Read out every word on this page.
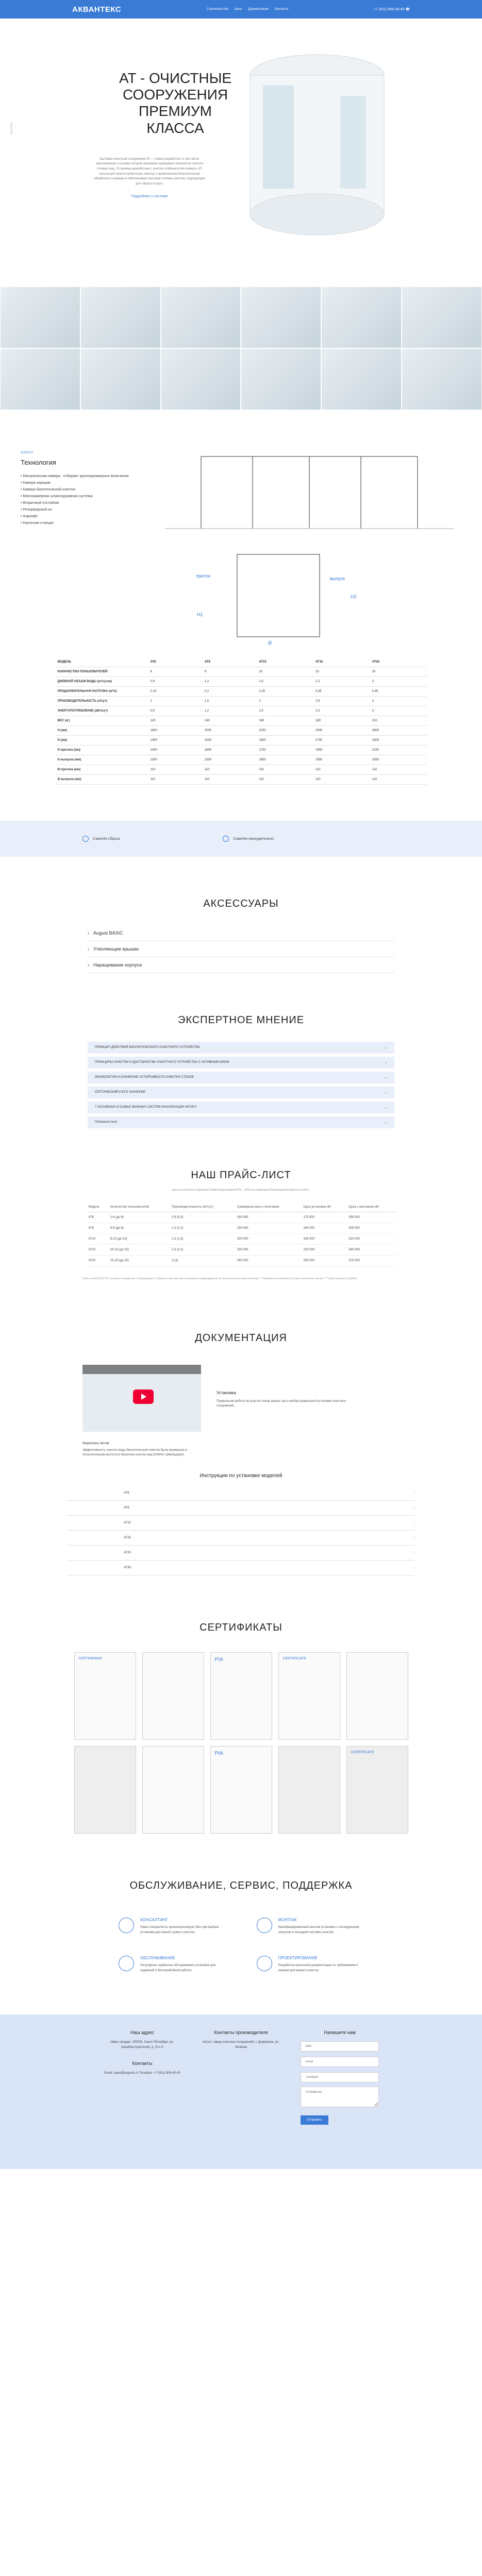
АКВАНТЕКС	Строительство Цена Документация Контакты	+7 (911) 806-40-40 ☎
AUGUST
AT - ОЧИСТНЫЕ СООРУЖЕНИЯ ПРЕМИУМ КЛАССА

Бытовые очистные сооружения AT — новая разработка, в том числе оригинальная, в основе которой заложены передовые технологии очистки сточных вод. Установка разработана с учетом особенностей климата. AT использует многоступенчатую очистку с применением биологической обработки и аэрации и обеспечивает высокую степень очистки, подходящую для сброса в грунт.

Подробнее о системе

AUGUST
Технология
• Механическая камера - отбирает крупноразмерные включения
• Камера аэрации
• Камера биологической очистки
• Многокамерная шлангорукавная система
• Вторичный отстойник
• Резервуарный ил
• Аэрлифт
• Насосная станция
Ø
приток	выпуск
Н1
Н2
МОДЕЛЬ	AT6	AT8	AT10	AT15	AT20
КОЛИЧЕСТВО ПОЛЬЗОВАТЕЛЕЙ	6	8	10	15	20
ДНЕВНОЙ ОБЪЕМ ВОДЫ (м³/сутки)	0,9	1,2	1,5	2,2	3
ПРОДОЛЖИТЕЛЬНАЯ НАГРУЗКА (м³/ч)	0,15	0,2	0,25	0,35	0,45
ПРОИЗВОДИТЕЛЬНОСТЬ (л/сут)	1	1,5	2	2,5	3
ЭНЕРГОПОТРЕБЛЕНИЕ (кВт/сут)	0,9	1,2	1,5	2,2	3
ВЕС (кг)	120	140	160	180	210
H (мм)	1800	2000	2200	2400	2600
D (мм)	1400	1500	1600	1700	1800
H притока (мм)	1400	1600	1750	1950	2150
H выпуска (мм)	1300	1500	1650	1850	2050
Ø притока (мм)	110	110	110	110	110
Ø выпуска (мм)	110	110	110	110	110
Самотёк сброса	Самотёк принудительно
АКСЕССУАРЫ
› August BASIC
› Утепляющие крышки
› Наращивание корпуса
ЭКСПЕРТНОЕ МНЕНИЕ
ПРИНЦИП ДЕЙСТВИЯ БИОЛОГИЧЕСКОГО ОЧИСТНОГО УСТРОЙСТВА	⌄
ПРИНЦИПЫ ОЧИСТКИ И ДОСТОИНСТВА ОЧИСТНОГО УСТРОЙСТВА С АКТИВНЫМ ИЛОМ	⌄
ФИЗИОЛОГИЯ И СНИЖЕНИЕ УСТОЙЧИВОСТИ ОЧИСТКИ СТОКОВ	⌄
СЕПТИЧЕСКИЙ И ЕГО ЗНАЧЕНИЕ	⌄
7 ОСНОВНЫХ И САМЫХ ВАЖНЫХ СИСТЕМ КАНАЛИЗАЦИИ АКТИС?	⌄
Полезный ссыл	⌄
НАШ ПРАЙС-ЛИСТ

Цены на очистные сооружения Tablek August модели AT6 — AT20 на территории Ленинградской области на 2024 г.

Модель	Количество пользователей	Производительность (м³/сут)	Суммарная цена с монтажом	Цена установки (₽)	Цена с монтажом (₽)
AT6	1-6 (до 6)	0,9 (0,9)	180 000	175 000	295 000
AT8	6-8 (до 8)	1,2 (1,2)	190 000	185 000	305 000
AT10	8-10 (до 10)	1,5 (1,5)	200 000	195 000	315 000
AT15	10-15 (до 15)	2,2 (2,2)	230 000	225 000	345 000
AT20	15-20 (до 20)	3 (3)	260 000	255 000	375 000

* Цены на AUGUST AT с учётом стандартного оборудования. Стоимость монтажа рассчитывается индивидуально по результатам выезда инженера. ** Возможна установка в составе комплекса очистки. *** Цены указаны в рублях.

ДОКУМЕНТАЦИЯ

Результаты тестов

Эффективность очистки воды биологической очистки была проверена в Испытательном институте биологии очистки вод EAWAG (Швейцария).

Установка

Правильная работа на участке очень важна, как и выбор правильной установки очистных сооружений.

Инструкции по установке моделей

AT6	↓
AT8	↓
AT10	↓
AT15	↓
AT20	↓
AT30	↓
СЕРТИФИКАТЫ
СЕРТИФИКАТ	PIA	CERTIFICATE
PIA	CERTIFICATE
ОБСЛУЖИВАНИЕ, СЕРВИС, ПОДДЕРЖКА
КОНСАЛТИНГ
Наши специалисты проконсультируют Вас при выборе установки для вашего дома и участка.
МОНТАЖ
Квалифицированный монтаж установок с последующим запуском и наладкой системы очистки.
ОБСЛУЖИВАНИЕ
Регулярное сервисное обслуживание установок для надёжной и бесперебойной работы.
ПРОЕКТИРОВАНИЕ
Разработка проектной документации по требованиям и нормам для вашего участка.
Наш адрес

Офис продаж: 190000, Санкт-Петербург, ул. Кораблестроителей, д. 22 к 3

Контакты

Email: sales@augusts.ru Телефон: +7 (911) 806-40-40

Контакты производителя

Август, завод очистных сооружений, г. Дзержинск, ул. Зелёная

Напишите нам
Имя Email Телефон Сообщение Отправить
